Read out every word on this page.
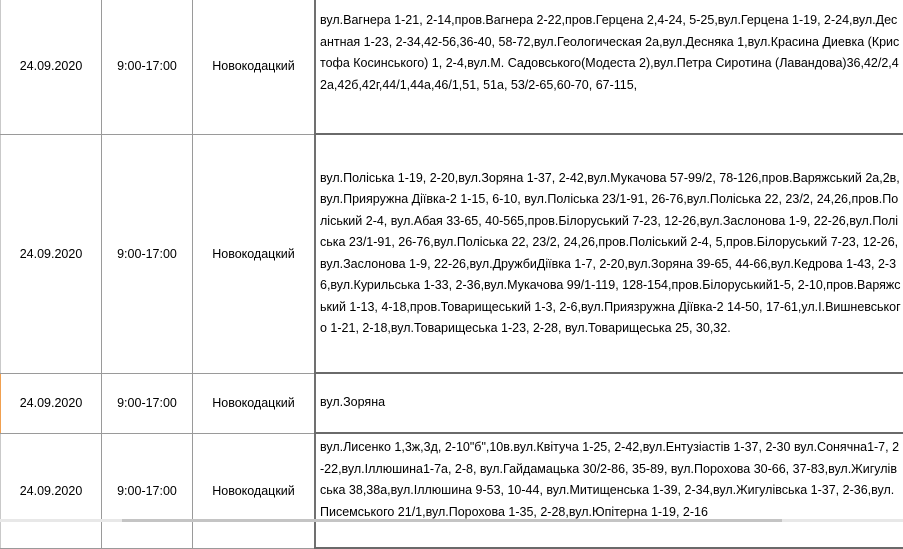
24.09.2020	9:00-17:00	Новокодацкий	вул.Вагнера 1-21, 2-14,пров.Вагнера 2-22,пров.Герцена 2,4-24, 5-25,вул.Герцена 1-19, 2-24,вул.Десантная 1-23, 2-34,42-56,36-40, 58-72,вул.Геологическая 2а,вул.Десняка 1,вул.Красина Диевка (Кристофа Косинського) 1, 2-4,вул.М. Садовського(Модеста 2),вул.Петра Сиротина (Лавандова)36,42/2,42а,42б,42г,44/1,44а,46/1,51, 51а, 53/2-65,60-70, 67-115,
24.09.2020	9:00-17:00	Новокодацкий	вул.Поліська 1-19, 2-20,вул.Зоряна 1-37, 2-42,вул.Мукачова 57-99/2, 78-126,пров.Варяжський 2а,2в, вул.Прияружна Діївка-2 1-15, 6-10, вул.Поліська 23/1-91, 26-76,вул.Поліська 22, 23/2, 24,26,пров.Поліський 2-4, вул.Абая 33-65, 40-565,пров.Білоруський 7-23, 12-26,вул.Заслонова 1-9, 22-26,вул.Поліська 23/1-91, 26-76,вул.Поліська 22, 23/2, 24,26,пров.Поліський 2-4, 5,пров.Білоруський 7-23, 12-26,вул.Заслонова 1-9, 22-26,вул.ДружбиДіївка 1-7, 2-20,вул.Зоряна 39-65, 44-66,вул.Кедрова 1-43, 2-36,вул.Курильська 1-33, 2-36,вул.Мукачова 99/1-119, 128-154,пров.Білоруський1-5, 2-10,пров.Варяжський 1-13, 4-18,пров.Товарищеський 1-3, 2-6,вул.Приязружна Діївка-2 14-50, 17-61,ул.І.Вишневського 1-21, 2-18,вул.Товарищеська 1-23, 2-28, вул.Товарищеська 25, 30,32.
24.09.2020	9:00-17:00	Новокодацкий	вул.Зоряна
24.09.2020	9:00-17:00	Новокодацкий	вул.Лисенко 1,3ж,3д, 2-10"б",10в.вул.Квітуча 1-25, 2-42,вул.Ентузіастів 1-37, 2-30 вул.Сонячна1-7, 2-22,вул.Іллюшина1-7а, 2-8, вул.Гайдамацька 30/2-86, 35-89, вул.Порохова 30-66, 37-83,вул.Жигулівська 38,38а,вул.Іллюшина 9-53, 10-44, вул.Митищенська 1-39, 2-34,вул.Жигулівська 1-37, 2-36,вул.Писемського 21/1,вул.Порохова 1-35, 2-28,вул.Юпітерна 1-19, 2-16
